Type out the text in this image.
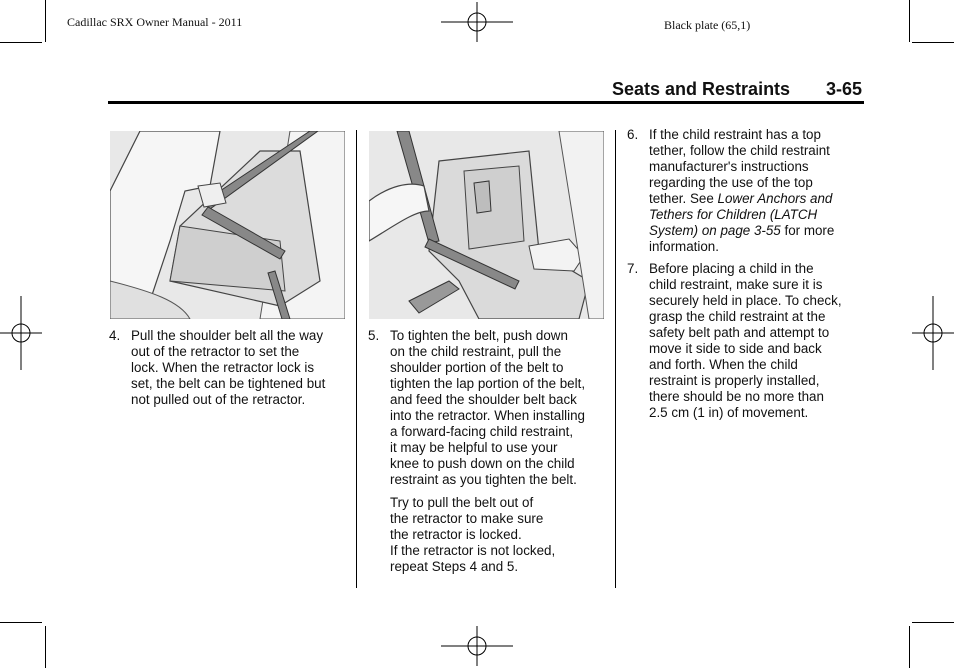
Cadillac SRX Owner Manual - 2011	Black plate (65,1)
Seats and Restraints 3-65
4. Pull the shoulder belt all the way
out of the retractor to set the
lock. When the retractor lock is
set, the belt can be tightened but
not pulled out of the retractor.
5. To tighten the belt, push down
on the child restraint, pull the
shoulder portion of the belt to
tighten the lap portion of the belt,
and feed the shoulder belt back
into the retractor. When installing
a forward-facing child restraint,
it may be helpful to use your
knee to push down on the child
restraint as you tighten the belt.
Try to pull the belt out of
the retractor to make sure
the retractor is locked.
If the retractor is not locked,
repeat Steps 4 and 5.
6. If the child restraint has a top
tether, follow the child restraint
manufacturer's instructions
regarding the use of the top
tether. See Lower Anchors and
Tethers for Children (LATCH
System) on page 3-55 for more
information.
7. Before placing a child in the
child restraint, make sure it is
securely held in place. To check,
grasp the child restraint at the
safety belt path and attempt to
move it side to side and back
and forth. When the child
restraint is properly installed,
there should be no more than
2.5 cm (1 in) of movement.
